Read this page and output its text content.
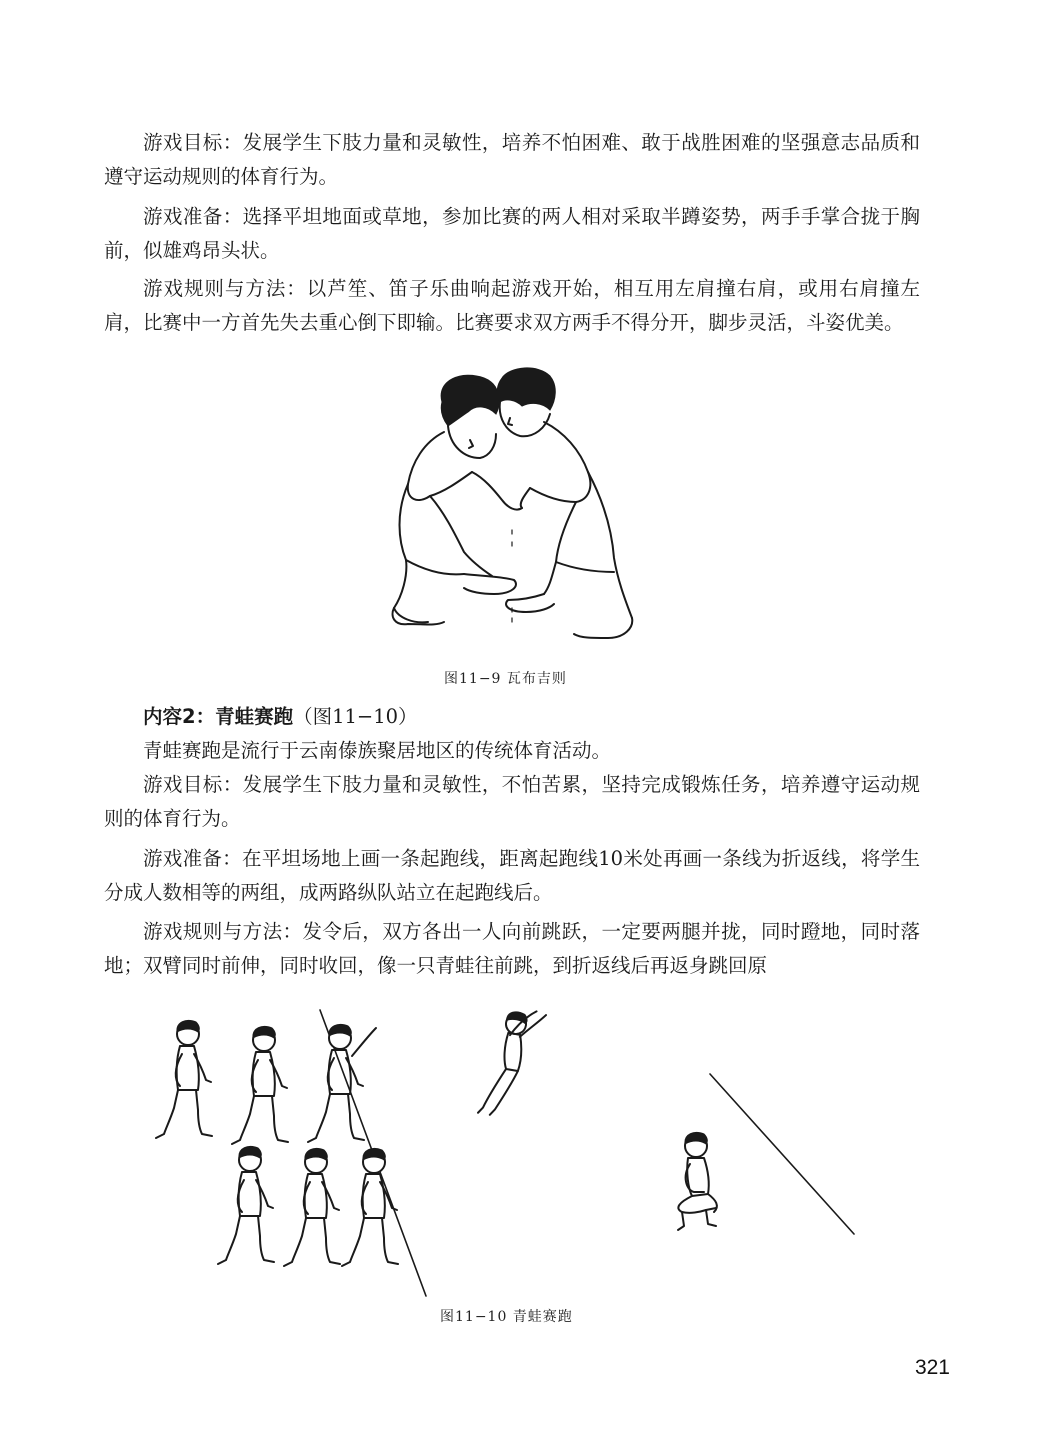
游戏目标：发展学生下肢力量和灵敏性，培养不怕困难、敢于战胜困难的坚强意志品质和遵守运动规则的体育行为。

游戏准备：选择平坦地面或草地，参加比赛的两人相对采取半蹲姿势，两手手掌合拢于胸前，似雄鸡昂头状。

游戏规则与方法：以芦笙、笛子乐曲响起游戏开始，相互用左肩撞右肩，或用右肩撞左肩，比赛中一方首先失去重心倒下即输。比赛要求双方两手不得分开，脚步灵活，斗姿优美。

图11−9 瓦布吉则

内容2：青蛙赛跑（图11−10）

青蛙赛跑是流行于云南傣族聚居地区的传统体育活动。

游戏目标：发展学生下肢力量和灵敏性，不怕苦累，坚持完成锻炼任务，培养遵守运动规则的体育行为。

游戏准备：在平坦场地上画一条起跑线，距离起跑线10米处再画一条线为折返线，将学生分成人数相等的两组，成两路纵队站立在起跑线后。

游戏规则与方法：发令后，双方各出一人向前跳跃，一定要两腿并拢，同时蹬地，同时落地；双臂同时前伸，同时收回，像一只青蛙往前跳，到折返线后再返身跳回原

图11−10 青蛙赛跑
321
